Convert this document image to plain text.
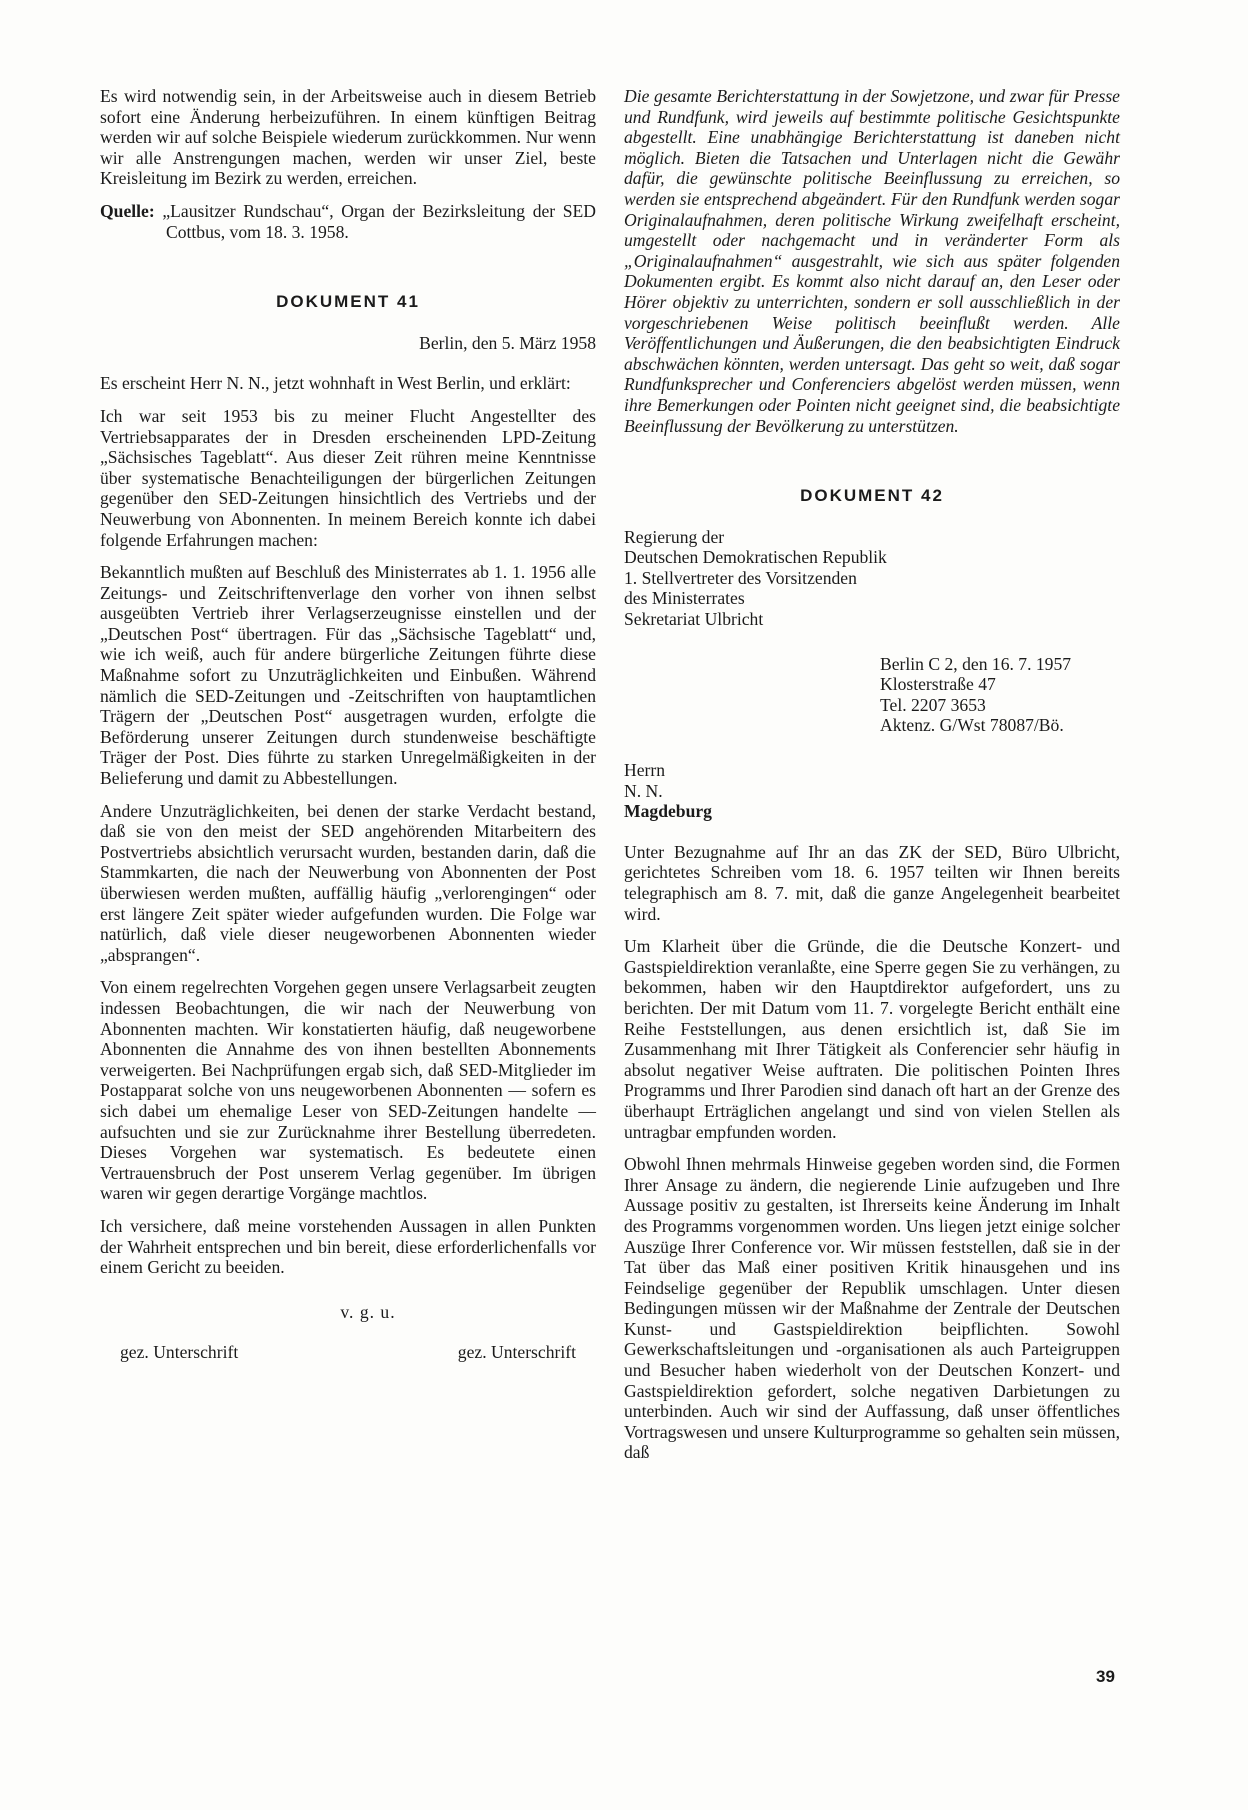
Es wird notwendig sein, in der Arbeitsweise auch in diesem Betrieb sofort eine Änderung herbeizuführen. In einem künftigen Beitrag werden wir auf solche Beispiele wiederum zurückkommen. Nur wenn wir alle Anstrengungen machen, werden wir unser Ziel, beste Kreisleitung im Bezirk zu werden, erreichen.

Quelle: „Lausitzer Rundschau“, Organ der Bezirksleitung der SED Cottbus, vom 18. 3. 1958.

DOKUMENT 41
Berlin, den 5. März 1958

Es erscheint Herr N. N., jetzt wohnhaft in West Berlin, und erklärt:

Ich war seit 1953 bis zu meiner Flucht Angestellter des Vertriebsapparates der in Dresden erscheinenden LPD-Zeitung „Sächsisches Tageblatt“. Aus dieser Zeit rühren meine Kenntnisse über systematische Benachteiligungen der bürgerlichen Zeitungen gegenüber den SED-Zeitungen hinsichtlich des Vertriebs und der Neuwerbung von Abonnenten. In meinem Bereich konnte ich dabei folgende Erfahrungen machen:

Bekanntlich mußten auf Beschluß des Ministerrates ab 1. 1. 1956 alle Zeitungs- und Zeitschriftenverlage den vorher von ihnen selbst ausgeübten Vertrieb ihrer Verlagserzeugnisse einstellen und der „Deutschen Post“ übertragen. Für das „Sächsische Tageblatt“ und, wie ich weiß, auch für andere bürgerliche Zeitungen führte diese Maßnahme sofort zu Unzuträglichkeiten und Einbußen. Während nämlich die SED-Zeitungen und -Zeitschriften von hauptamtlichen Trägern der „Deutschen Post“ ausgetragen wurden, erfolgte die Beförderung unserer Zeitungen durch stundenweise beschäftigte Träger der Post. Dies führte zu starken Unregelmäßigkeiten in der Belieferung und damit zu Abbestellungen.

Andere Unzuträglichkeiten, bei denen der starke Verdacht bestand, daß sie von den meist der SED angehörenden Mitarbeitern des Postvertriebs absichtlich verursacht wurden, bestanden darin, daß die Stammkarten, die nach der Neuwerbung von Abonnenten der Post überwiesen werden mußten, auffällig häufig „verlorengingen“ oder erst längere Zeit später wieder aufgefunden wurden. Die Folge war natürlich, daß viele dieser neugeworbenen Abonnenten wieder „absprangen“.

Von einem regelrechten Vorgehen gegen unsere Verlagsarbeit zeugten indessen Beobachtungen, die wir nach der Neuwerbung von Abonnenten machten. Wir konstatierten häufig, daß neugeworbene Abonnenten die Annahme des von ihnen bestellten Abonnements verweigerten. Bei Nachprüfungen ergab sich, daß SED-Mitglieder im Postapparat solche von uns neugeworbenen Abonnenten — sofern es sich dabei um ehemalige Leser von SED-Zeitungen handelte — aufsuchten und sie zur Zurücknahme ihrer Bestellung überredeten. Dieses Vorgehen war systematisch. Es bedeutete einen Vertrauensbruch der Post unserem Verlag gegenüber. Im übrigen waren wir gegen derartige Vorgänge machtlos.

Ich versichere, daß meine vorstehenden Aussagen in allen Punkten der Wahrheit entsprechen und bin bereit, diese erforderlichenfalls vor einem Gericht zu beeiden.

v. g. u.
gez. Unterschrift	gez. Unterschrift

Die gesamte Berichterstattung in der Sowjetzone, und zwar für Presse und Rundfunk, wird jeweils auf bestimmte politische Gesichtspunkte abgestellt. Eine unabhängige Berichterstattung ist daneben nicht möglich. Bieten die Tatsachen und Unterlagen nicht die Gewähr dafür, die gewünschte politische Beeinflussung zu erreichen, so werden sie entsprechend abgeändert. Für den Rundfunk werden sogar Originalaufnahmen, deren politische Wirkung zweifelhaft erscheint, umgestellt oder nachgemacht und in veränderter Form als „Originalaufnahmen“ ausgestrahlt, wie sich aus später folgenden Dokumenten ergibt. Es kommt also nicht darauf an, den Leser oder Hörer objektiv zu unterrichten, sondern er soll ausschließlich in der vorgeschriebenen Weise politisch beeinflußt werden. Alle Veröffentlichungen und Äußerungen, die den beabsichtigten Eindruck abschwächen könnten, werden untersagt. Das geht so weit, daß sogar Rundfunksprecher und Conferenciers abgelöst werden müssen, wenn ihre Bemerkungen oder Pointen nicht geeignet sind, die beabsichtigte Beeinflussung der Bevölkerung zu unterstützen.

DOKUMENT 42
Regierung der
Deutschen Demokratischen Republik
1. Stellvertreter des Vorsitzenden
des Ministerrates
Sekretariat Ulbricht
Berlin C 2, den 16. 7. 1957
Klosterstraße 47
Tel. 2207 3653
Aktenz. G/Wst 78087/Bö.
Herrn
N. N.
Magdeburg

Unter Bezugnahme auf Ihr an das ZK der SED, Büro Ulbricht, gerichtetes Schreiben vom 18. 6. 1957 teilten wir Ihnen bereits telegraphisch am 8. 7. mit, daß die ganze Angelegenheit bearbeitet wird.

Um Klarheit über die Gründe, die die Deutsche Konzert- und Gastspieldirektion veranlaßte, eine Sperre gegen Sie zu verhängen, zu bekommen, haben wir den Hauptdirektor aufgefordert, uns zu berichten. Der mit Datum vom 11. 7. vorgelegte Bericht enthält eine Reihe Feststellungen, aus denen ersichtlich ist, daß Sie im Zusammenhang mit Ihrer Tätigkeit als Conferencier sehr häufig in absolut negativer Weise auftraten. Die politischen Pointen Ihres Programms und Ihrer Parodien sind danach oft hart an der Grenze des überhaupt Erträglichen angelangt und sind von vielen Stellen als untragbar empfunden worden.

Obwohl Ihnen mehrmals Hinweise gegeben worden sind, die Formen Ihrer Ansage zu ändern, die negierende Linie aufzugeben und Ihre Aussage positiv zu gestalten, ist Ihrerseits keine Änderung im Inhalt des Programms vorgenommen worden. Uns liegen jetzt einige solcher Auszüge Ihrer Conference vor. Wir müssen feststellen, daß sie in der Tat über das Maß einer positiven Kritik hinausgehen und ins Feindselige gegenüber der Republik umschlagen. Unter diesen Bedingungen müssen wir der Maßnahme der Zentrale der Deutschen Kunst- und Gastspieldirektion beipflichten. Sowohl Gewerkschaftsleitungen und -organisationen als auch Parteigruppen und Besucher haben wiederholt von der Deutschen Konzert- und Gastspieldirektion gefordert, solche negativen Darbietungen zu unterbinden. Auch wir sind der Auffassung, daß unser öffentliches Vortragswesen und unsere Kulturprogramme so gehalten sein müssen, daß

39
